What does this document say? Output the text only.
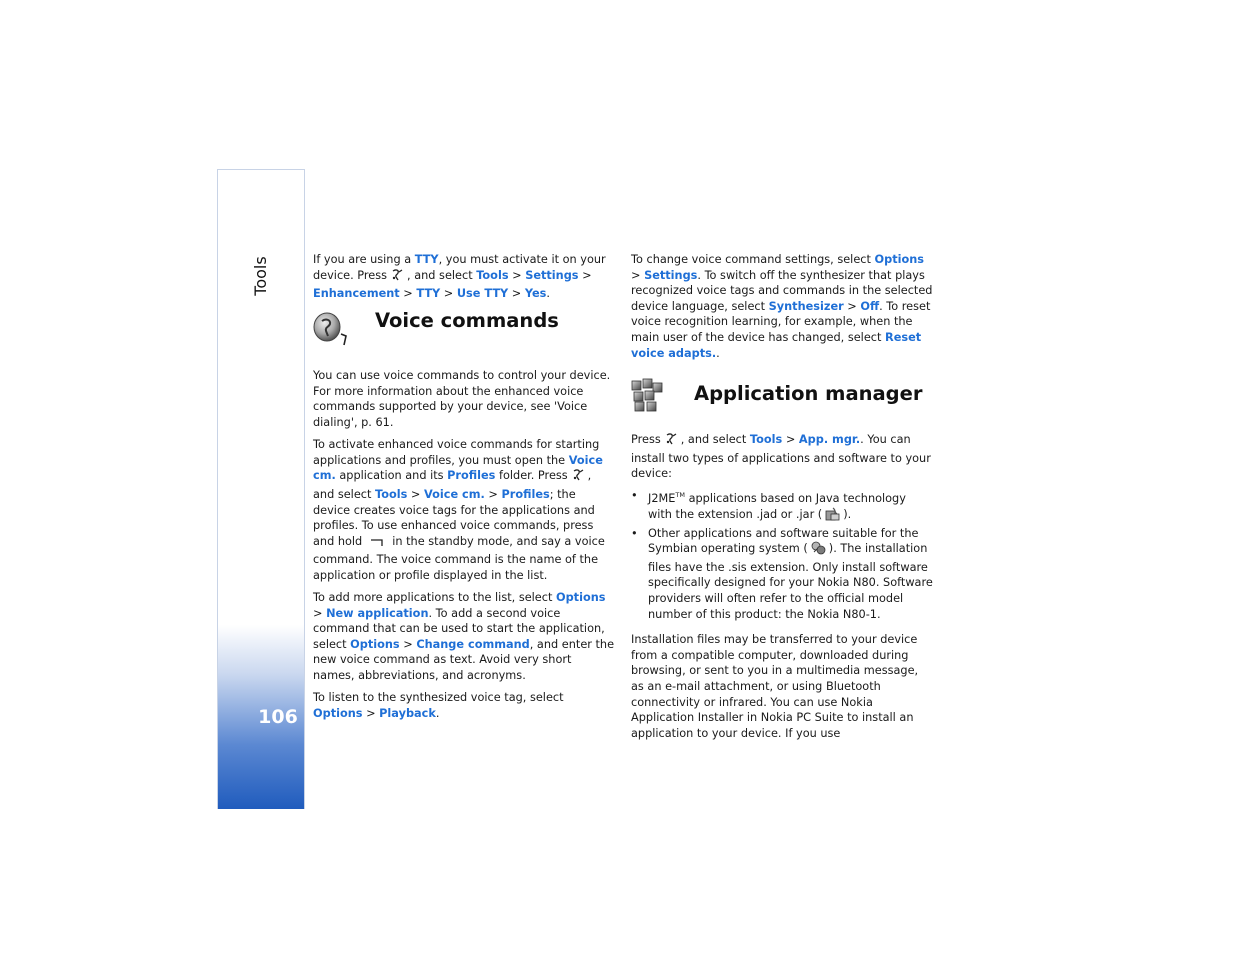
Tools
106

If you are using a TTY, you must activate it on your device. Press , and select Tools > Settings > Enhancement > TTY > Use TTY > Yes.

Voice commands

You can use voice commands to control your device. For more information about the enhanced voice commands supported by your device, see 'Voice dialing', p. 61.

To activate enhanced voice commands for starting applications and profiles, you must open the Voice cm. application and its Profiles folder. Press , and select Tools > Voice cm. > Profiles; the device creates voice tags for the applications and profiles. To use enhanced voice commands, press and hold	in the standby mode, and say a voice command. The voice command is the name of the application or profile displayed in the list.

To add more applications to the list, select Options > New application. To add a second voice command that can be used to start the application, select Options > Change command, and enter the new voice command as text. Avoid very short names, abbreviations, and acronyms.

To listen to the synthesized voice tag, select Options > Playback.

To change voice command settings, select Options > Settings. To switch off the synthesizer that plays recognized voice tags and commands in the selected device language, select Synthesizer > Off. To reset voice recognition learning, for example, when the main user of the device has changed, select Reset voice adapts..

Application manager

Press , and select Tools > App. mgr.. You can install two types of applications and software to your device:

• J2ME™ applications based on Java technology with the extension .jad or .jar ( ).
• Other applications and software suitable for the Symbian operating system ( ). The installation files have the .sis extension. Only install software specifically designed for your Nokia N80. Software providers will often refer to the official model number of this product: the Nokia N80-1.

Installation files may be transferred to your device from a compatible computer, downloaded during browsing, or sent to you in a multimedia message, as an e-mail attachment, or using Bluetooth connectivity or infrared. You can use Nokia Application Installer in Nokia PC Suite to install an application to your device. If you use
